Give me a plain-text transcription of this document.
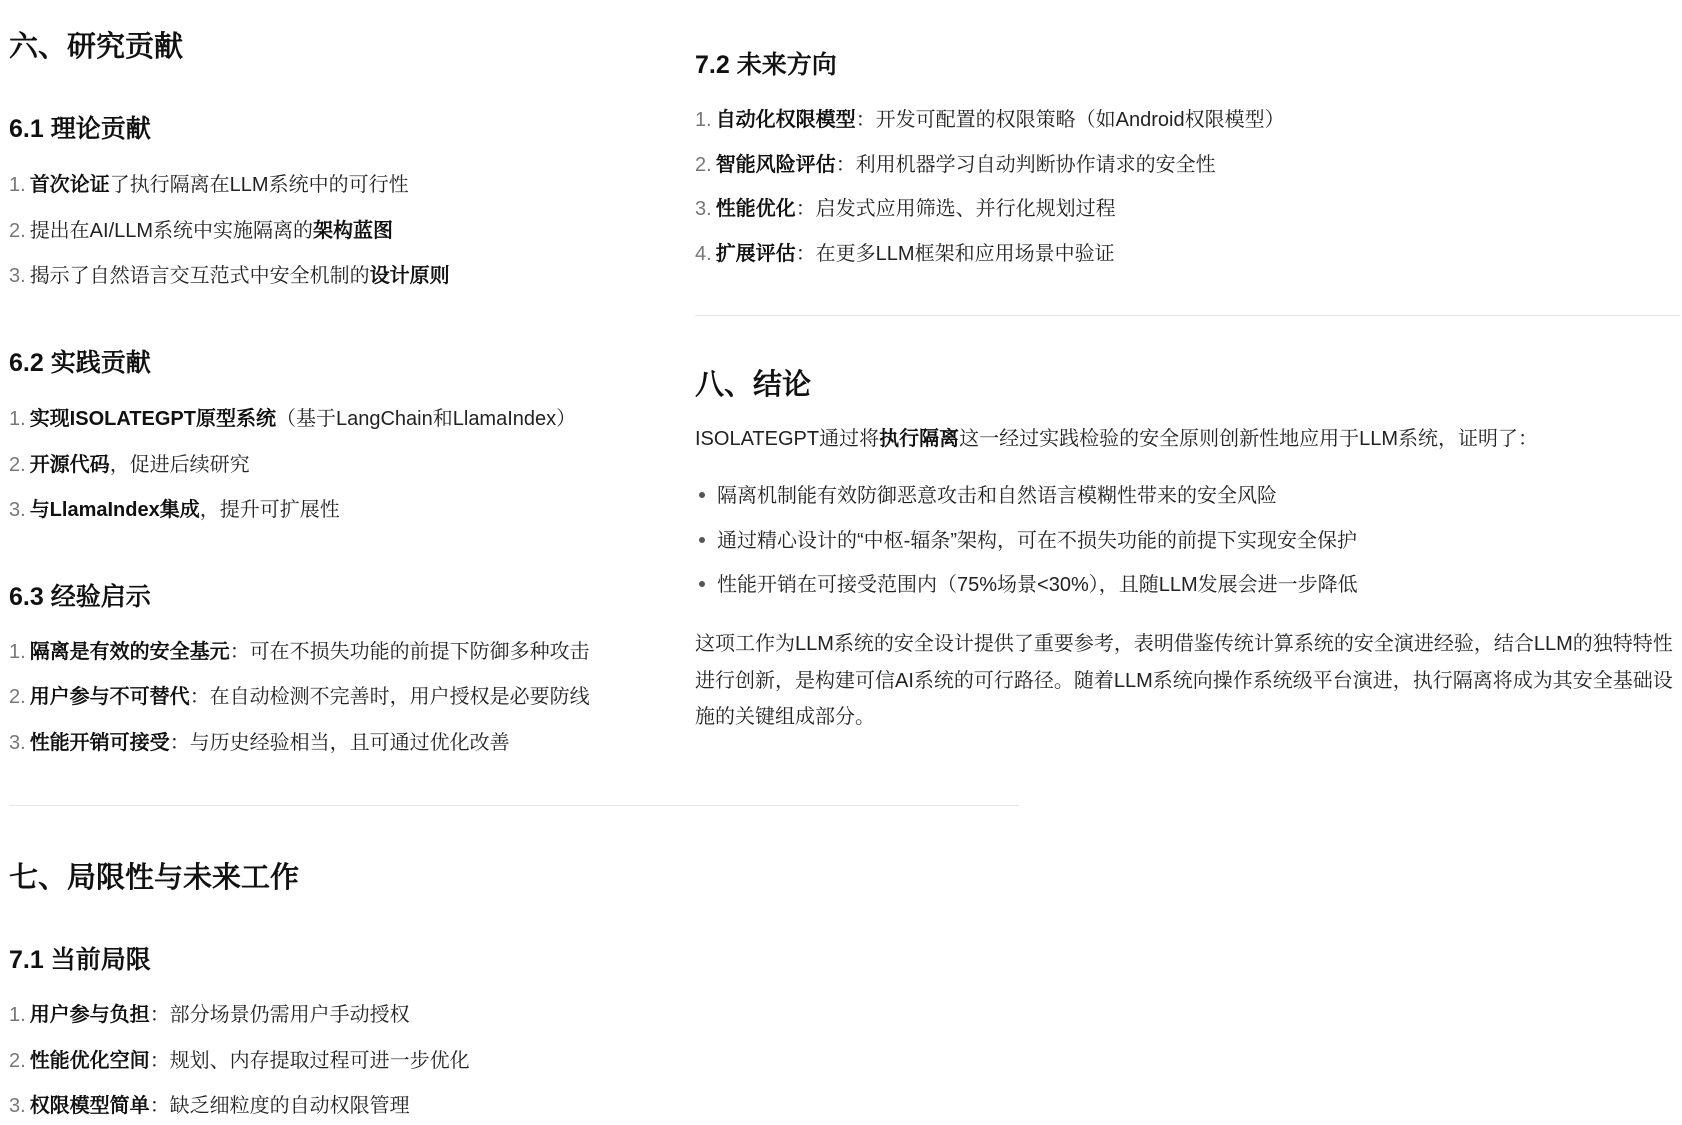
六、研究贡献
6.1 理论贡献
6.2 实践贡献
6.3 经验启示
七、局限性与未来工作
7.1 当前局限
7.2 未来方向
八、结论
ISOLATEGPT通过将执行隔离这一经过实践检验的安全原则创新性地应用于LLM系统，证明了：
隔离机制能有效防御恶意攻击和自然语言模糊性带来的安全风险
通过精心设计的“中枢-辐条”架构，可在不损失功能的前提下实现安全保护
性能开销在可接受范围内（75%场景<30%），且随LLM发展会进一步降低
这项工作为LLM系统的安全设计提供了重要参考，表明借鉴传统计算系统的安全演进经验，结合LLM的独特特性进行创新，是构建可信AI系统的可行路径。随着LLM系统向操作系统级平台演进，执行隔离将成为其安全基础设施的关键组成部分。
1. 首次论证了执行隔离在LLM系统中的可行性
2. 提出在AI/LLM系统中实施隔离的架构蓝图
3. 揭示了自然语言交互范式中安全机制的设计原则
1. 实现ISOLATEGPT原型系统（基于LangChain和LlamaIndex）
2. 开源代码，促进后续研究
3. 与LlamaIndex集成，提升可扩展性
1. 隔离是有效的安全基元：可在不损失功能的前提下防御多种攻击
2. 用户参与不可替代：在自动检测不完善时，用户授权是必要防线
3. 性能开销可接受：与历史经验相当，且可通过优化改善
1. 用户参与负担：部分场景仍需用户手动授权
2. 性能优化空间：规划、内存提取过程可进一步优化
3. 权限模型简单：缺乏细粒度的自动权限管理
1. 自动化权限模型：开发可配置的权限策略（如Android权限模型）
2. 智能风险评估：利用机器学习自动判断协作请求的安全性
3. 性能优化：启发式应用筛选、并行化规划过程
4. 扩展评估：在更多LLM框架和应用场景中验证
